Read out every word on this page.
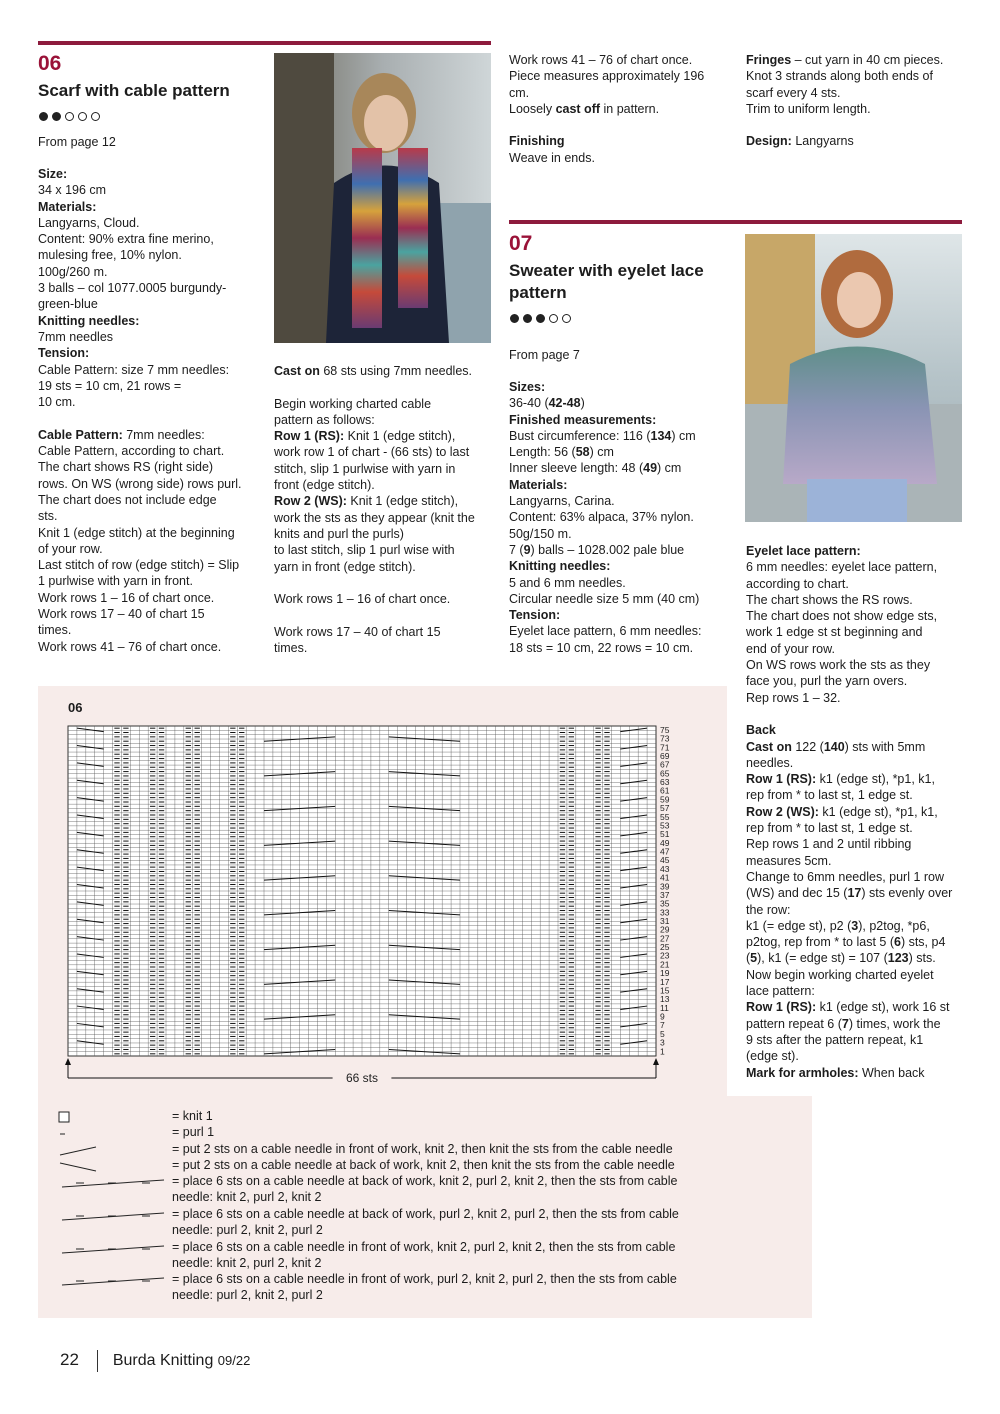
06
Scarf with cable pattern
From page 12

Size:

34 x 196 cm

Materials:

Langyarns, Cloud.

Content: 90% extra fine merino,

mulesing free, 10% nylon.

100g/260 m.

3 balls – col 1077.0005 burgundy-

green-blue

Knitting needles:

7mm needles

Tension:

Cable Pattern: size 7 mm needles:

19 sts = 10 cm, 21 rows =

10 cm.

Cable Pattern: 7mm needles:

Cable Pattern, according to chart.

The chart shows RS (right side)

rows. On WS (wrong side) rows purl.

The chart does not include edge

sts.

Knit 1 (edge stitch) at the beginning

of your row.

Last stitch of row (edge stitch) = Slip

1 purlwise with yarn in front.

Work rows 1 – 16 of chart once.

Work rows 17 – 40 of chart 15

times.

Work rows 41 – 76 of chart once.

Cast on 68 sts using 7mm needles.

Begin working charted cable

pattern as follows:

Row 1 (RS): Knit 1 (edge stitch),

work row 1 of chart - (66 sts) to last

stitch, slip 1 purlwise with yarn in

front (edge stitch).

Row 2 (WS): Knit 1 (edge stitch),

work the sts as they appear (knit the

knits and purl the purls)

to last stitch, slip 1 purl wise with

yarn in front (edge stitch).

Work rows 1 – 16 of chart once.

Work rows 17 – 40 of chart 15

times.

Work rows 41 – 76 of chart once.

Piece measures approximately 196

cm.

Loosely cast off in pattern.

Finishing

Weave in ends.

Fringes – cut yarn in 40 cm pieces.

Knot 3 strands along both ends of

scarf every 4 sts.

Trim to uniform length.

Design: Langyarns

07
Sweater with eyelet lace
pattern
From page 7

Sizes:

36-40 (42-48)

Finished measurements:

Bust circumference: 116 (134) cm

Length: 56 (58) cm

Inner sleeve length: 48 (49) cm

Materials:

Langyarns, Carina.

Content: 63% alpaca, 37% nylon.

50g/150 m.

7 (9) balls – 1028.002 pale blue

Knitting needles:

5 and 6 mm needles.

Circular needle size 5 mm (40 cm)

Tension:

Eyelet lace pattern, 6 mm needles:

18 sts = 10 cm, 22 rows = 10 cm.

Eyelet lace pattern:

6 mm needles: eyelet lace pattern,

according to chart.

The chart shows the RS rows.

The chart does not show edge sts,

work 1 edge st st beginning and

end of your row.

On WS rows work the sts as they

face you, purl the yarn overs.

Rep rows 1 – 32.

Back

Cast on 122 (140) sts with 5mm

needles.

Row 1 (RS): k1 (edge st), *p1, k1,

rep from * to last st, 1 edge st.

Row 2 (WS): k1 (edge st), *p1, k1,

rep from * to last st, 1 edge st.

Rep rows 1 and 2 until ribbing

measures 5cm.

Change to 6mm needles, purl 1 row

(WS) and dec 15 (17) sts evenly over

the row:

k1 (= edge st), p2 (3), p2tog, *p6,

p2tog, rep from * to last 5 (6) sts, p4

(5), k1 (= edge st) = 107 (123) sts.

Now begin working charted eyelet

lace pattern:

Row 1 (RS): k1 (edge st), work 16 st

pattern repeat 6 (7) times, work the

9 sts after the pattern repeat, k1

(edge st).

Mark for armholes: When back

06
75
73
71
69
67
65
63
61
59
57
55
53
51
49
47
45
43
41
39
37
35
33
31
29
27
25
23
21
19
17
15
13
11
9
7
5
3
1
66 sts
= knit 1
= purl 1
= put 2 sts on a cable needle in front of work, knit 2, then knit the sts from the cable needle
= put 2 sts on a cable needle at back of work, knit 2, then knit the sts from the cable needle
= place 6 sts on a cable needle at back of work, knit 2, purl 2, knit 2, then the sts from cable
needle: knit 2, purl 2, knit 2
= place 6 sts on a cable needle at back of work, purl 2, knit 2, purl 2, then the sts from cable
needle: purl 2, knit 2, purl 2
= place 6 sts on a cable needle in front of work, knit 2, purl 2, knit 2, then the sts from cable
needle: knit 2, purl 2, knit 2
= place 6 sts on a cable needle in front of work, purl 2, knit 2, purl 2, then the sts from cable
needle: purl 2, knit 2, purl 2
22 Burda Knitting 09/22
